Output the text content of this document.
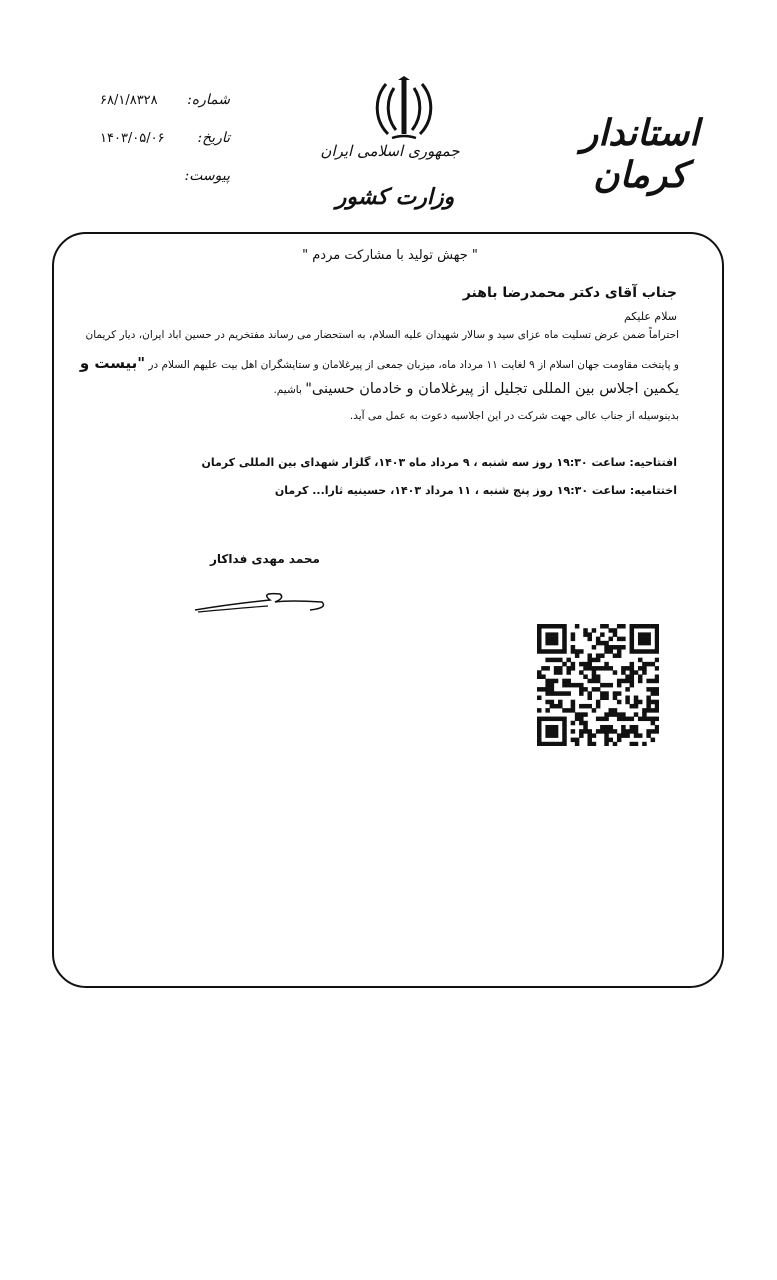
شماره:
۶۸/۱/۸۳۲۸
تاریخ:
۱۴۰۳/۰۵/۰۶
پیوست:
جمهوری اسلامی ایران
وزارت کشور
استاندار کرمان
" جهش تولید با مشارکت مردم "
جناب آقای دکتر محمدرضا باهنر
سلام علیکم
احتراماً ضمن عرض تسلیت ماه عزای سید و سالار شهیدان علیه السلام، به استحضار می رساند مفتخریم در حسین اباد ایران، دیار کریمان
و پایتخت مقاومت جهان اسلام از ۹ لغایت ۱۱ مرداد ماه، میزبان جمعی از پیرغلامان و ستایشگران اهل بیت علیهم السلام در "بیست و
یکمین اجلاس بین المللی تجلیل از پیرغلامان و خادمان حسینی" باشیم.
بدینوسیله از جناب عالی جهت شرکت در این اجلاسیه دعوت به عمل می آید.
افتتاحیه: ساعت ۱۹:۳۰ روز سه شنبه ، ۹ مرداد ماه ۱۴۰۳، گلزار شهدای بین المللی کرمان
اختتامیه: ساعت ۱۹:۳۰ روز پنج شنبه ، ۱۱ مرداد ۱۴۰۳، حسینیه ثارا... کرمان
محمد مهدی فداکار
